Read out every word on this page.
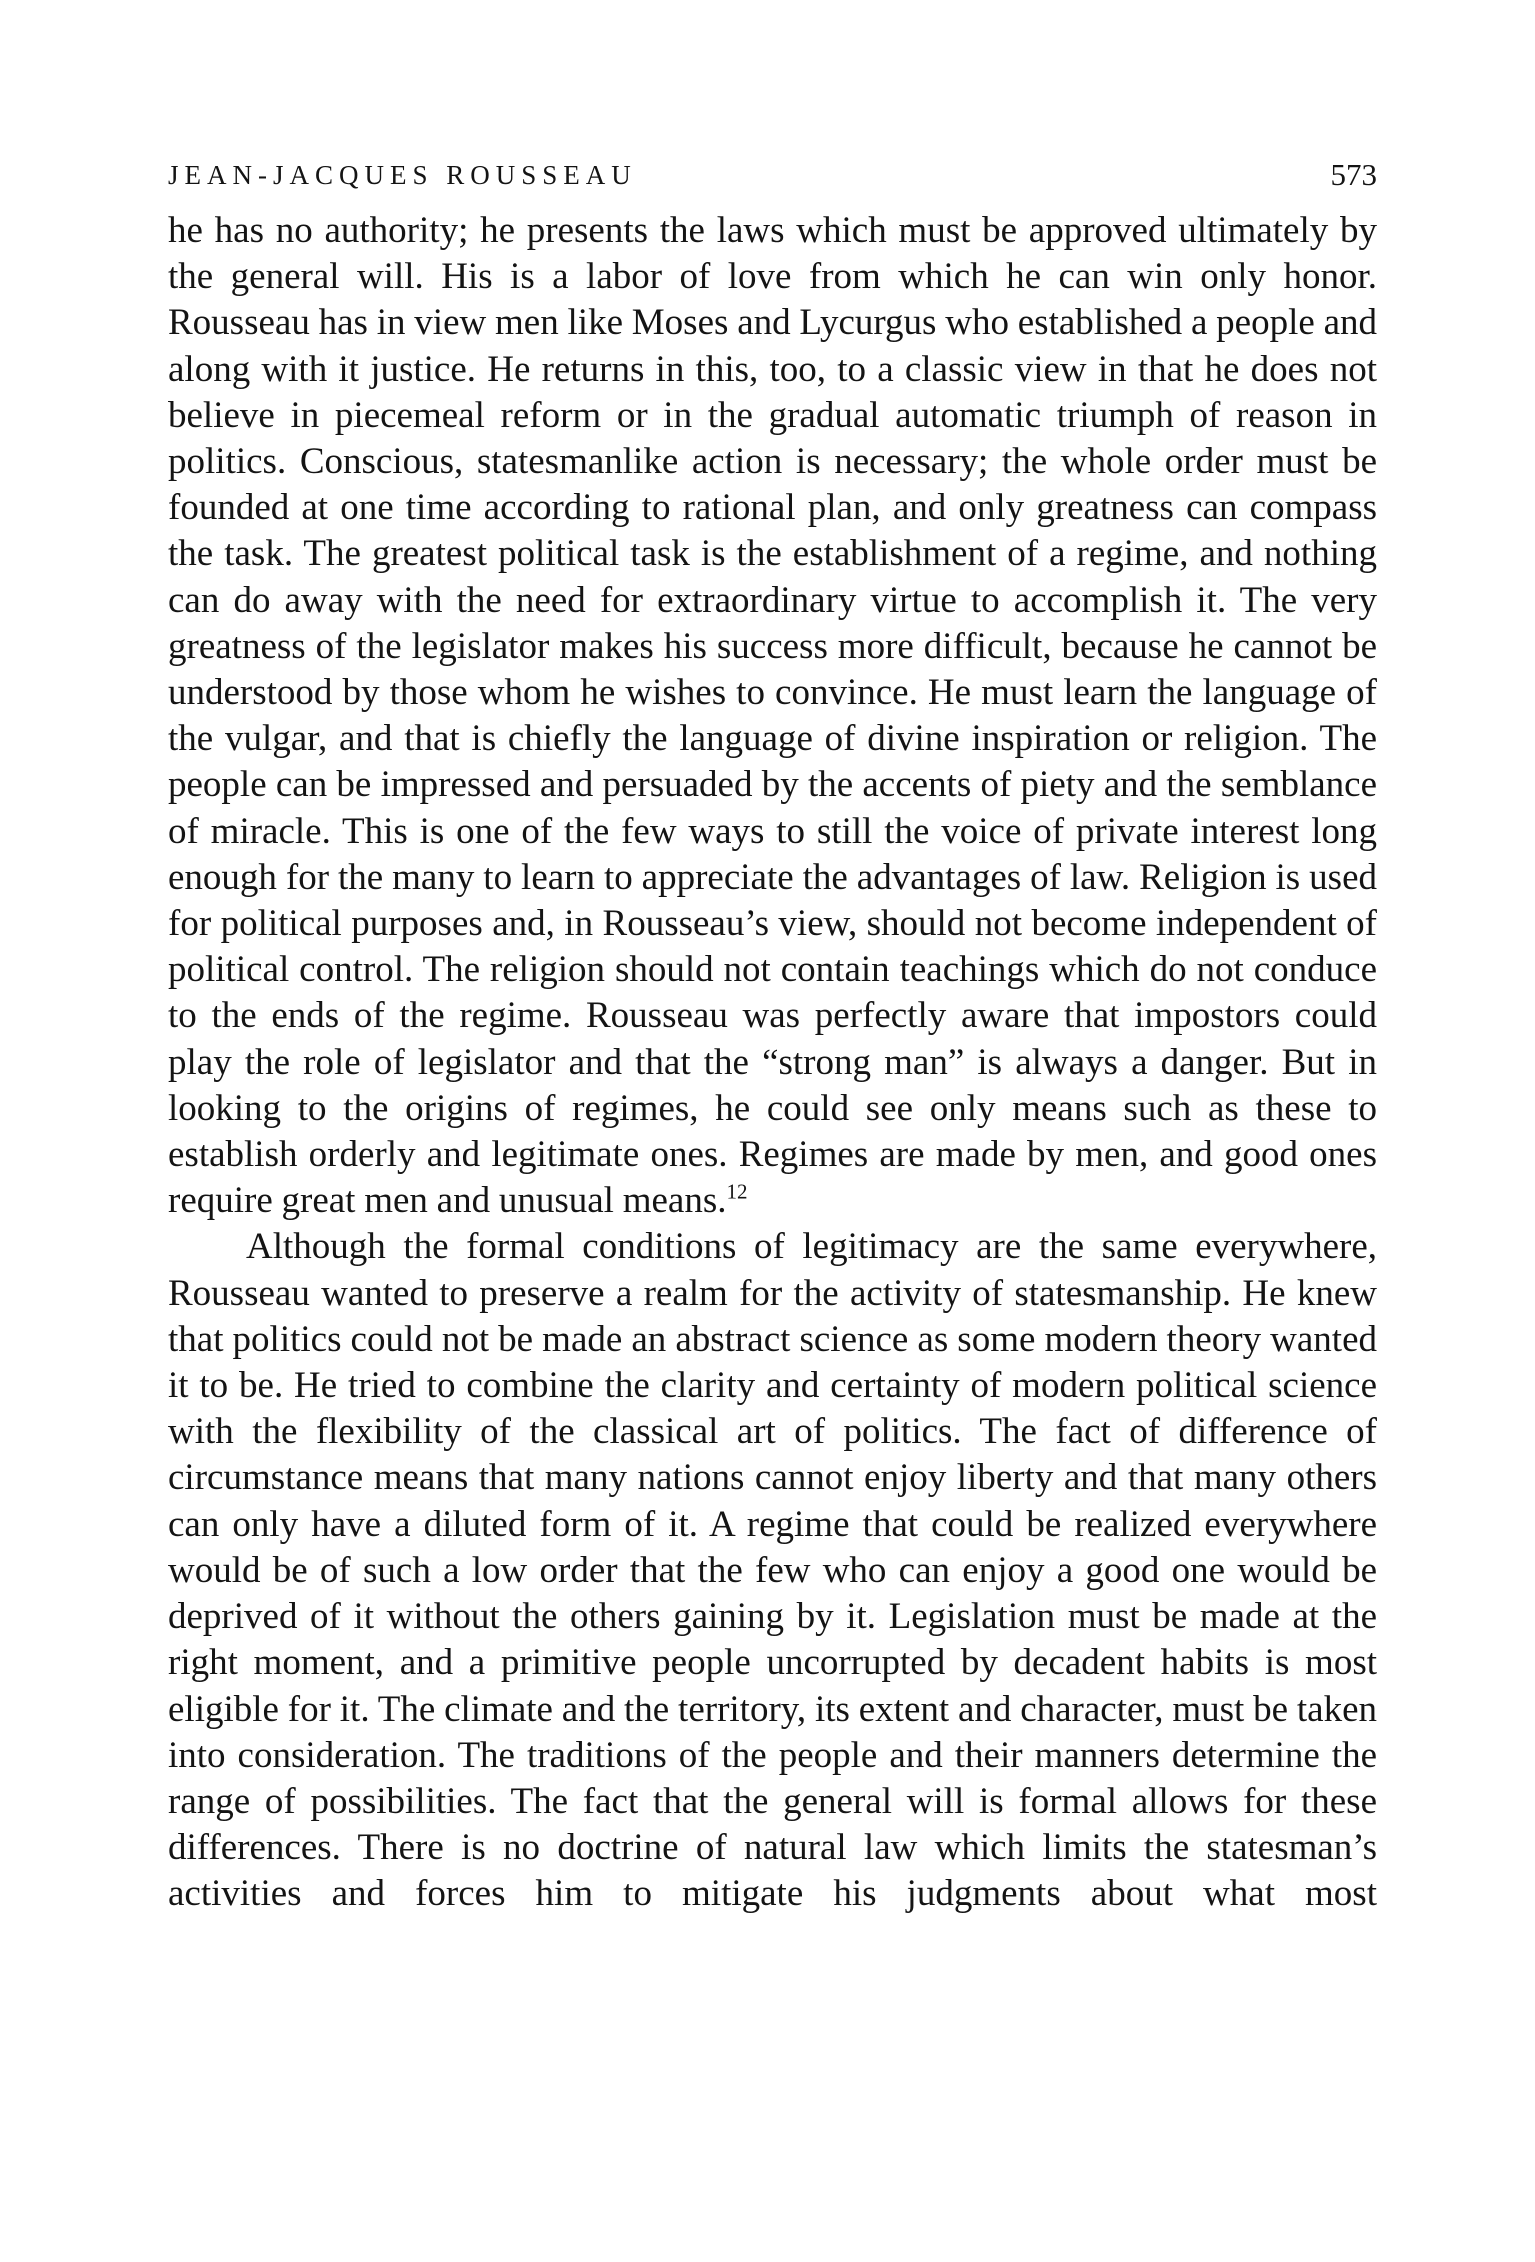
JEAN-JACQUES ROUSSEAU	573

he has no authority; he presents the laws which must be approved ultimately by the general will. His is a labor of love from which he can win only honor. Rousseau has in view men like Moses and Lycurgus who established a people and along with it justice. He returns in this, too, to a classic view in that he does not believe in piecemeal reform or in the gradual automatic triumph of reason in politics. Conscious, statesmanlike action is necessary; the whole order must be founded at one time according to rational plan, and only greatness can compass the task. The greatest political task is the establishment of a regime, and nothing can do away with the need for extraordinary virtue to accomplish it. The very greatness of the legislator makes his success more difficult, because he cannot be understood by those whom he wishes to convince. He must learn the language of the vulgar, and that is chiefly the language of divine inspiration or religion. The people can be impressed and persuaded by the accents of piety and the semblance of miracle. This is one of the few ways to still the voice of private interest long enough for the many to learn to appreciate the advantages of law. Religion is used for political purposes and, in Rousseau’s view, should not become independent of political control. The religion should not contain teachings which do not conduce to the ends of the regime. Rousseau was perfectly aware that impostors could play the role of legislator and that the “strong man” is always a danger. But in looking to the origins of regimes, he could see only means such as these to establish orderly and legitimate ones. Regimes are made by men, and good ones require great men and unusual means.$^{12}$

Although the formal conditions of legitimacy are the same everywhere, Rousseau wanted to preserve a realm for the activity of statesmanship. He knew that politics could not be made an abstract science as some modern theory wanted it to be. He tried to combine the clarity and certainty of modern political science with the flexibility of the classical art of politics. The fact of difference of circumstance means that many nations cannot enjoy liberty and that many others can only have a diluted form of it. A regime that could be realized everywhere would be of such a low order that the few who can enjoy a good one would be deprived of it without the others gaining by it. Legislation must be made at the right moment, and a primitive people uncorrupted by decadent habits is most eligible for it. The climate and the territory, its extent and character, must be taken into consideration. The traditions of the people and their manners determine the range of possibilities. The fact that the general will is formal allows for these differences. There is no doctrine of natural law which limits the statesman’s activities and forces him to mitigate his judgments about what most
